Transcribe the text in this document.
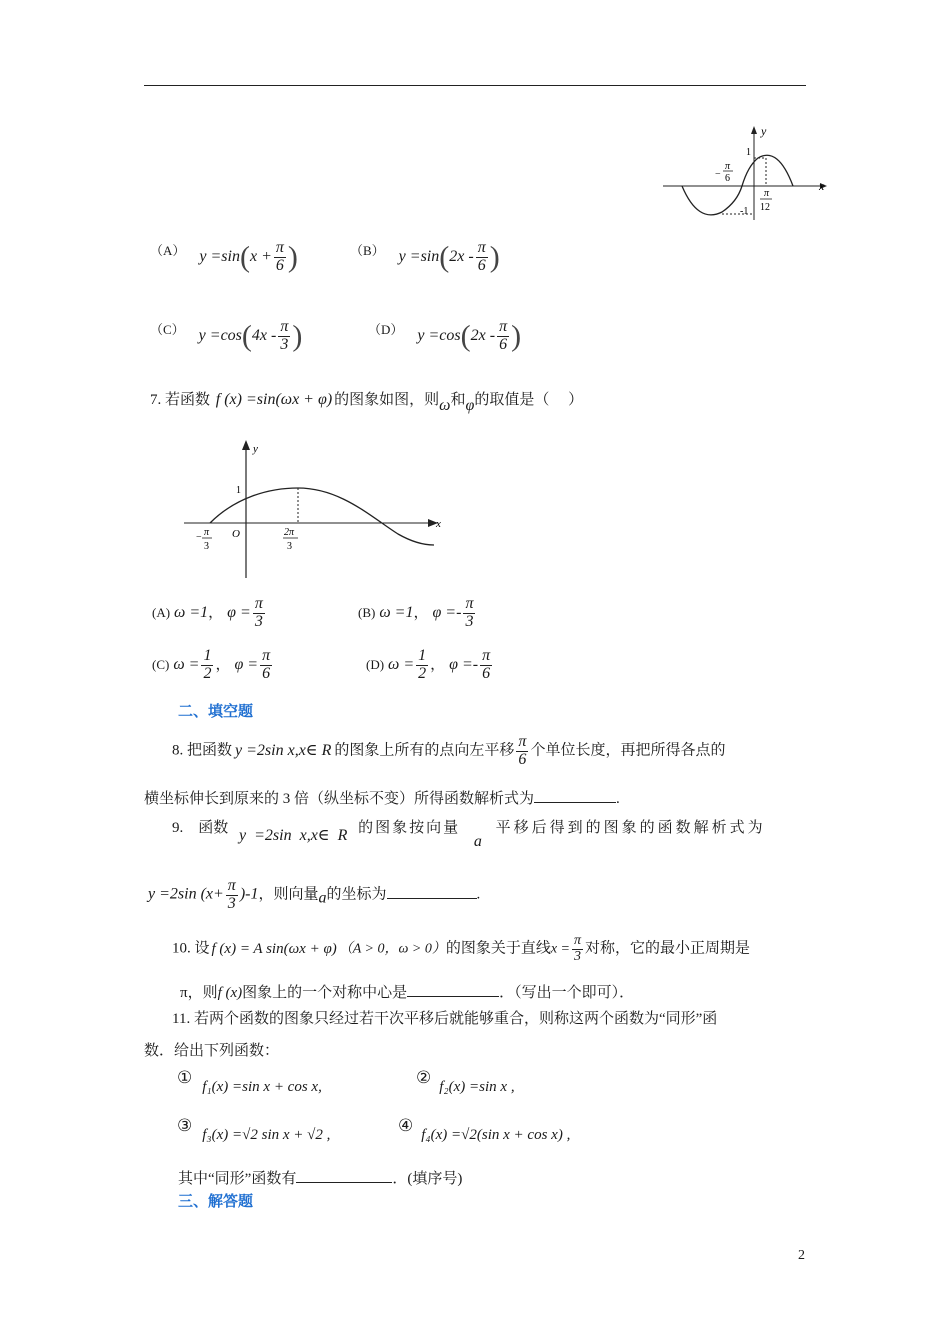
y
x
1
-1
−
π
6
π
12
$^{(A)}$ $y =\sin(x + \frac{\pi}{6}$ )	$^{(B)}$ $y =\sin(2x - \frac{\pi}{6}$ )
$^{(C)}$ $y =\cos(4x - \frac{\pi}{3}$ )	$^{(D)}$ $y =\cos(2x - \frac{\pi}{6}$ )
7. 若函数 f (x) =sin(ωx + φ) 的图象如图，则ω和φ的取值是（　 ）
y
x
O
1
− π
3
2π
3
(A) ω =1， $\varphi = \frac{\pi}{3}$	(B) ω =1， $\varphi =- \frac{\pi}{3}$
(C) $\omega = \frac{1}{2}$ ， $\varphi = \frac{\pi}{6}$	(D) $\omega = \frac{1}{2}$ ， $\varphi =- \frac{\pi}{6}$
二、填空题
8. 把函数 y =2sin x,x∈ R 的图象上所有的点向左平移 $\frac{\pi}{6}$ 个单位长度，再把所得各点的
横坐标伸长到原来的 3 倍（纵坐标不变）所得函数解析式为	.
9.　函数 y =2sin x,x∈ R 的图象按向量 a 平移后得到的图象的函数解析式为
y =2sin $(x+ \frac{\pi}{3} )-1$，则向量a的坐标为	.
10. 设 f (x) = A sin(ωx + φ) （A > 0，ω > 0）的图象关于直线$x = \frac{\pi}{3}$ 对称，它的最小正周期是
π，则f (x)图象上的一个对称中心是	．（写出一个即可）．
11. 若两个函数的图象只经过若干次平移后就能够重合，则称这两个函数为“同形”函
数．给出下列函数：
① f₁(x) =sin x + cos x,	② f₂(x) =sin x ,
③ f₃(x) =√2 sin x + √2 ,	④ f₄(x) =√2(sin x + cos x) ,
其中“同形”函数有	．(填序号)
三、解答题
2
